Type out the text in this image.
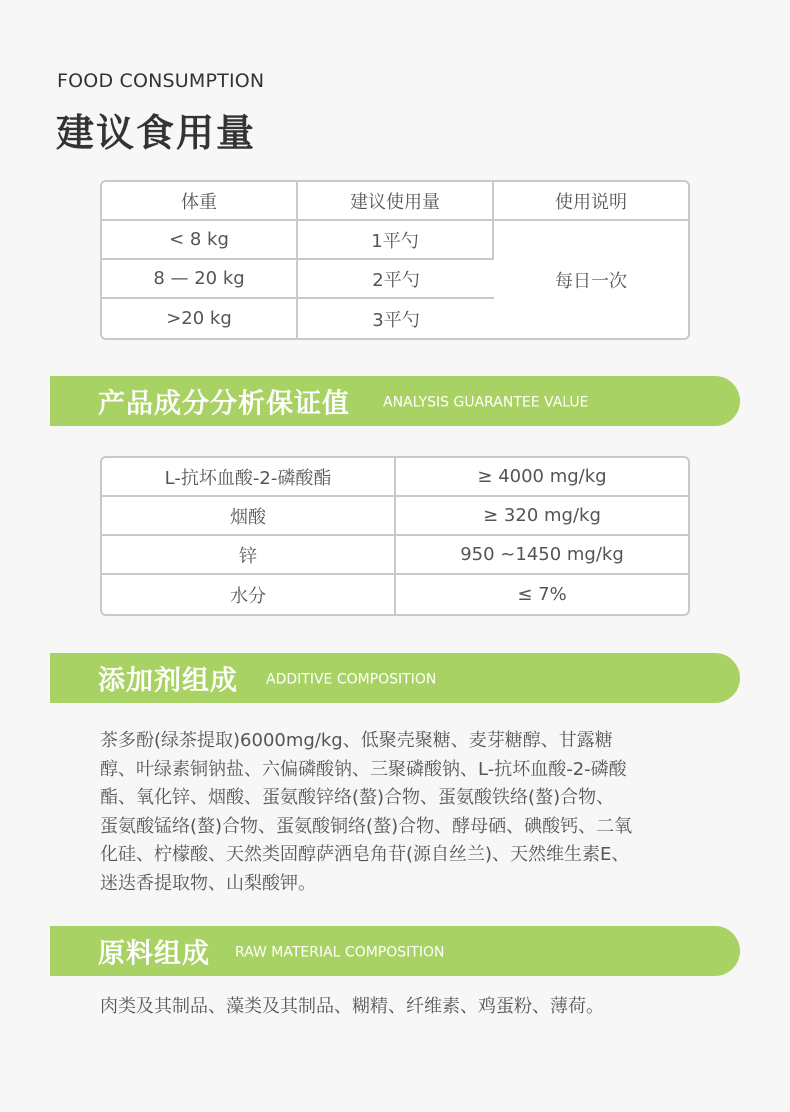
FOOD CONSUMPTION
建议食用量
体重	建议使用量	使用说明
< 8 kg	1平勺	每日一次
8 — 20 kg	2平勺	
>20 kg	3平勺	
产品成分分析保证值 ANALYSIS GUARANTEE VALUE
L-抗坏血酸-2-磷酸酯	≥ 4000 mg/kg
烟酸	≥ 320 mg/kg
锌	950 ~1450 mg/kg
水分	≤ 7%
添加剂组成 ADDITIVE COMPOSITION
茶多酚(绿茶提取)6000mg/kg、低聚壳聚糖、麦芽糖醇、甘露糖
醇、叶绿素铜钠盐、六偏磷酸钠、三聚磷酸钠、L-抗坏血酸-2-磷酸
酯、氧化锌、烟酸、蛋氨酸锌络(螯)合物、蛋氨酸铁络(螯)合物、
蛋氨酸锰络(螯)合物、蛋氨酸铜络(螯)合物、酵母硒、碘酸钙、二氧
化硅、柠檬酸、天然类固醇萨洒皂角苷(源自丝兰)、天然维生素E、
迷迭香提取物、山梨酸钾。
原料组成 RAW MATERIAL COMPOSITION
肉类及其制品、藻类及其制品、糊精、纤维素、鸡蛋粉、薄荷。
